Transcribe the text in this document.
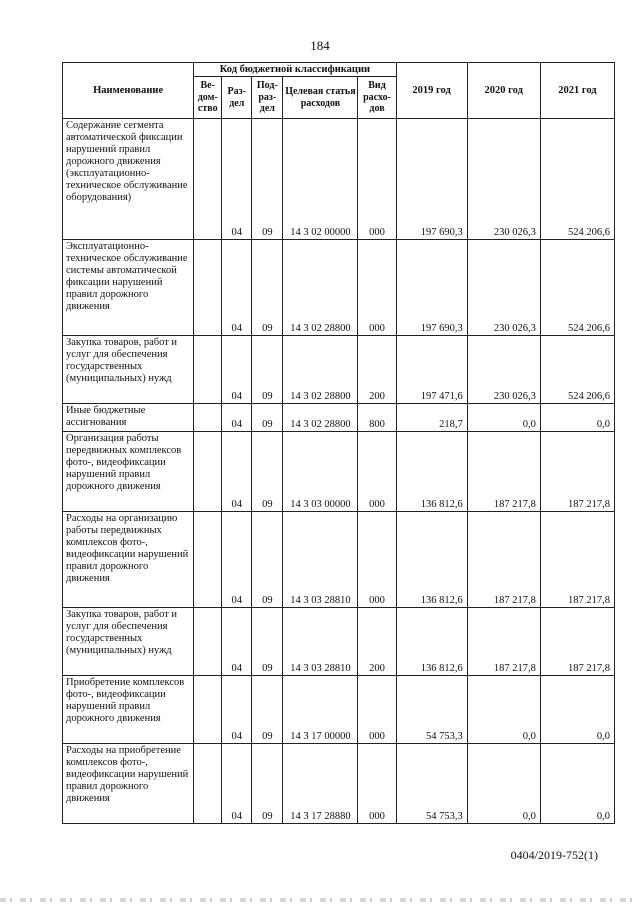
184
Наименование	Код бюджетной классификации					2019 год	2020 год	2021 год
	Ве-дом-ство	Раз-дел	Под-раз-дел	Целевая статья расходов	Вид расхо-дов			
Содержание сегмента автоматической фиксации нарушений правил дорожного движения (эксплуатационно-техническое обслуживание оборудования)		04	09	14 3 02 00000	000	197 690,3	230 026,3	524 206,6
Эксплуатационно-техническое обслуживание системы автоматической фиксации нарушений правил дорожного движения		04	09	14 3 02 28800	000	197 690,3	230 026,3	524 206,6
Закупка товаров, работ и услуг для обеспечения государственных (муниципальных) нужд		04	09	14 3 02 28800	200	197 471,6	230 026,3	524 206,6
Иные бюджетные ассигнования		04	09	14 3 02 28800	800	218,7	0,0	0,0
Организация работы передвижных комплексов фото-, видеофиксации нарушений правил дорожного движения		04	09	14 3 03 00000	000	136 812,6	187 217,8	187 217,8
Расходы на организацию работы передвижных комплексов фото-, видеофиксации нарушений правил дорожного движения		04	09	14 3 03 28810	000	136 812,6	187 217,8	187 217,8
Закупка товаров, работ и услуг для обеспечения государственных (муниципальных) нужд		04	09	14 3 03 28810	200	136 812,6	187 217,8	187 217,8
Приобретение комплексов фото-, видеофиксации нарушений правил дорожного движения		04	09	14 3 17 00000	000	54 753,3	0,0	0,0
Расходы на приобретение комплексов фото-, видеофиксации нарушений правил дорожного движения		04	09	14 3 17 28880	000	54 753,3	0,0	0,0
0404/2019-752(1)
